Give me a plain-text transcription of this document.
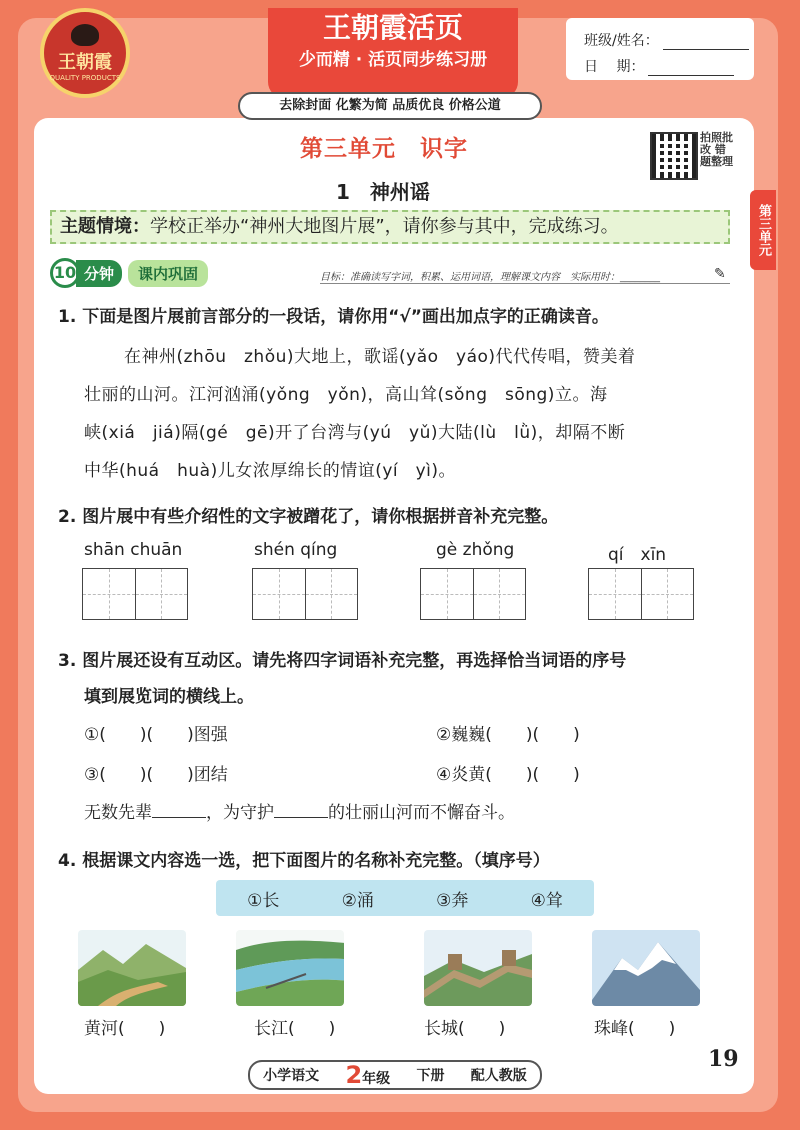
王朝霞
QUALITY PRODUCTS
王朝霞活页
少而精 · 活页同步练习册
去除封面 化繁为简 品质优良 价格公道
班级/姓名：
日　 期：
第三单元　识字	拍照批改 错题整理
1　神州谣
第三单元
主题情境：学校正举办“神州大地图片展”，请你参与其中，完成练习。
10 分钟	课内巩固	目标：准确读写字词，积累、运用词语，理解课文内容　实际用时：________	✎
1. 下面是图片展前言部分的一段话，请你用“√”画出加点字的正确读音。
在神州(zhōu　zhǒu)大地上，歌谣(yǎo　yáo)代代传唱，赞美着
壮丽的山河。江河汹涌(yǒng　yǒn)，高山耸(sǒng　sōng)立。海
峡(xiá　jiá)隔(gé　gē)开了台湾与(yú　yǔ)大陆(lù　lǜ)，却隔不断
中华(huá　huà)儿女浓厚绵长的情谊(yí　yì)。
2. 图片展中有些介绍性的文字被蹭花了，请你根据拼音补充完整。
shān chuān	shén qíng	gè zhǒng	qí　xīn
3. 图片展还设有互动区。请先将四字词语补充完整，再选择恰当词语的序号
填到展览词的横线上。
①(　　)(　　)图强	②巍巍(　　)(　　)
③(　　)(　　)团结	④炎黄(　　)(　　)
无数先辈	，为守护	的壮丽山河而不懈奋斗。
4. 根据课文内容选一选，把下面图片的名称补充完整。（填序号）
①长	②涌	③奔	④耸
黄河(　　)	长江(　　)	长城(　　)	珠峰(　　)
19
小学语文 2年级 下册 配人教版
